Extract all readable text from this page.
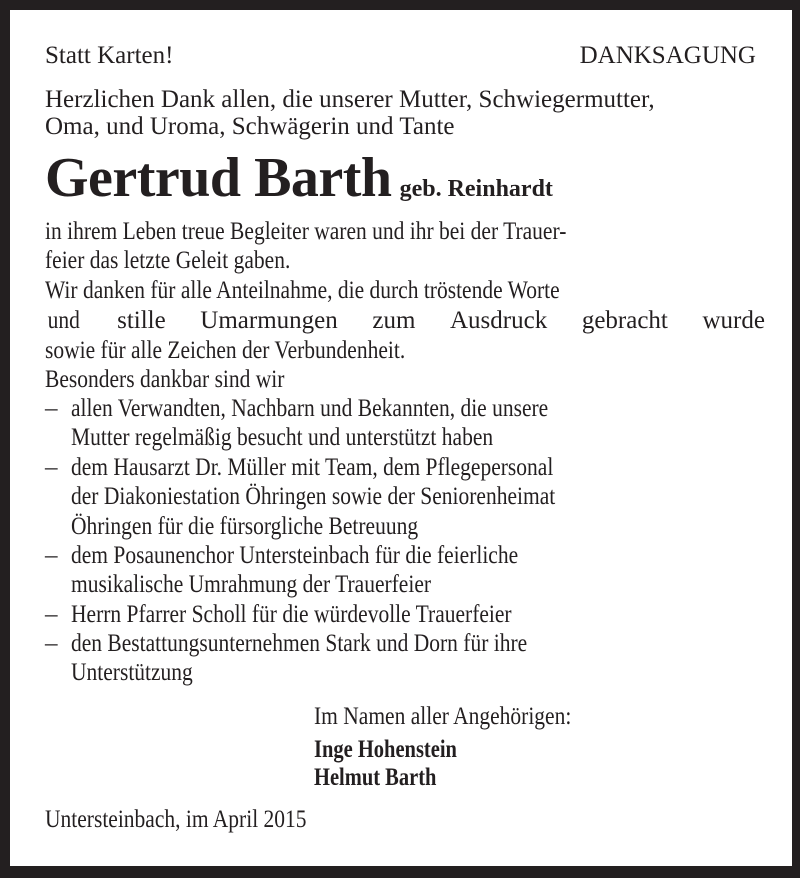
Statt Karten!	DANKSAGUNG
Herzlichen Dank allen, die unserer Mutter, Schwiegermutter,
Oma, und Uroma, Schwägerin und Tante
Gertrud Barth geb. Reinhardt
in ihrem Leben treue Begleiter waren und ihr bei der Trauer-
feier das letzte Geleit gaben.
Wir danken für alle Anteilnahme, die durch tröstende Worte
und stille Umarmungen zum Ausdruck gebracht wurde
sowie für alle Zeichen der Verbundenheit.
Besonders dankbar sind wir
– allen Verwandten, Nachbarn und Bekannten, die unsere
Mutter regelmäßig besucht und unterstützt haben
– dem Hausarzt Dr. Müller mit Team, dem Pflegepersonal
der Diakoniestation Öhringen sowie der Seniorenheimat
Öhringen für die fürsorgliche Betreuung
– dem Posaunenchor Untersteinbach für die feierliche
musikalische Umrahmung der Trauerfeier
– Herrn Pfarrer Scholl für die würdevolle Trauerfeier
– den Bestattungsunternehmen Stark und Dorn für ihre
Unterstützung
Im Namen aller Angehörigen:
Inge Hohenstein
Helmut Barth
Untersteinbach, im April 2015
